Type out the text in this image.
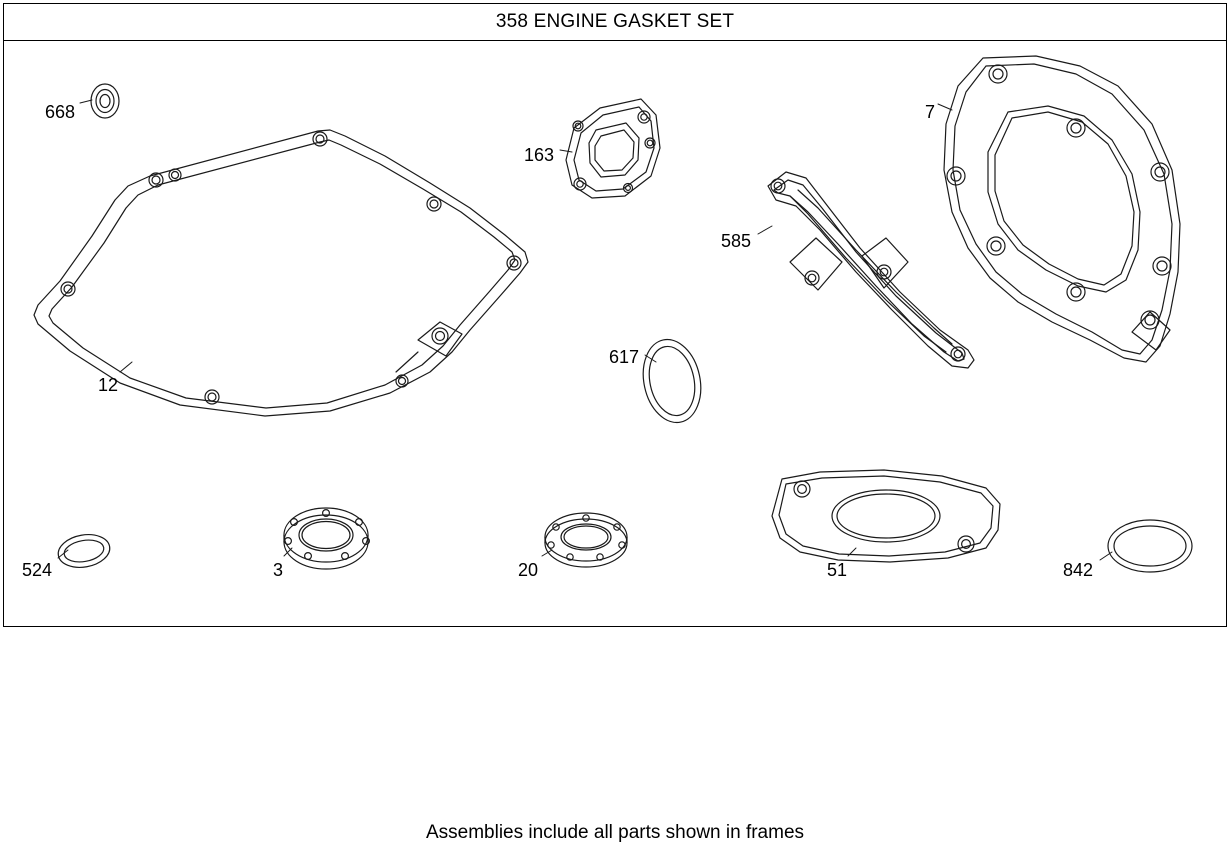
358 ENGINE GASKET SET
668
163
7
585
12
617
524	3	20	51	842
Assemblies include all parts shown in frames
